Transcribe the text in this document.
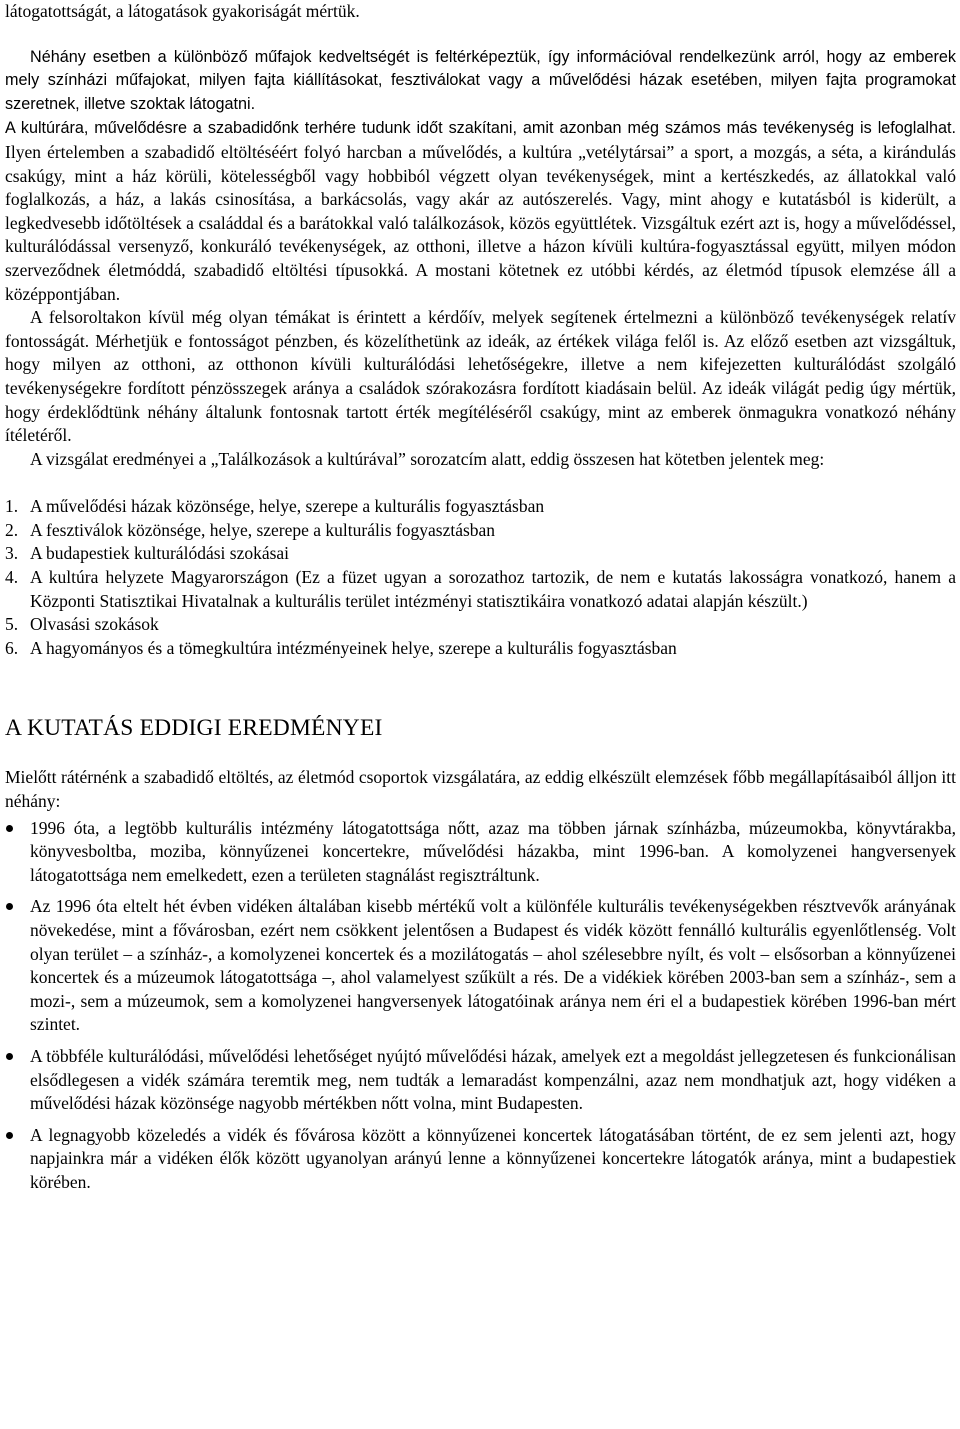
látogatottságát, a látogatások gyakoriságát mértük.

Néhány esetben a különböző műfajok kedveltségét is feltérképeztük, így információval rendelkezünk arról, hogy az emberek mely színházi műfajokat, milyen fajta kiállításokat, fesztiválokat vagy a művelődési házak esetében, milyen fajta programokat szeretnek, illetve szoktak látogatni.

A kultúrára, művelődésre a szabadidőnk terhére tudunk időt szakítani, amit azonban még számos más tevékenység is lefoglalhat. Ilyen értelemben a szabadidő eltöltéséért folyó harcban a művelődés, a kultúra „vetélytársai” a sport, a mozgás, a séta, a kirándulás csakúgy, mint a ház körüli, kötelességből vagy hobbiból végzett olyan tevékenységek, mint a kertészkedés, az állatokkal való foglalkozás, a ház, a lakás csinosítása, a barkácsolás, vagy akár az autószerelés. Vagy, mint ahogy e kutatásból is kiderült, a legkedvesebb időtöltések a családdal és a barátokkal való találkozások, közös együttlétek. Vizsgáltuk ezért azt is, hogy a művelődéssel, kulturálódással versenyző, konkuráló tevékenységek, az otthoni, illetve a házon kívüli kultúra-fogyasztással együtt, milyen módon szerveződnek életmóddá, szabadidő eltöltési típusokká. A mostani kötetnek ez utóbbi kérdés, az életmód típusok elemzése áll a középpontjában.

A felsoroltakon kívül még olyan témákat is érintett a kérdőív, melyek segítenek értelmezni a különböző tevékenységek relatív fontosságát. Mérhetjük e fontosságot pénzben, és közelíthetünk az ideák, az értékek világa felől is. Az előző esetben azt vizsgáltuk, hogy milyen az otthoni, az otthonon kívüli kulturálódási lehetőségekre, illetve a nem kifejezetten kulturálódást szolgáló tevékenységekre fordított pénzösszegek aránya a családok szórakozásra fordított kiadásain belül. Az ideák világát pedig úgy mértük, hogy érdeklődtünk néhány általunk fontosnak tartott érték megítéléséről csakúgy, mint az emberek önmagukra vonatkozó néhány ítéletéről.

A vizsgálat eredményei a „Találkozások a kultúrával” sorozatcím alatt, eddig összesen hat kötetben jelentek meg:

1. A művelődési házak közönsége, helye, szerepe a kulturális fogyasztásban
2. A fesztiválok közönsége, helye, szerepe a kulturális fogyasztásban
3. A budapestiek kulturálódási szokásai
4. A kultúra helyzete Magyarországon (Ez a füzet ugyan a sorozathoz tartozik, de nem e kutatás lakosságra vonatkozó, hanem a Központi Statisztikai Hivatalnak a kulturális terület intézményi statisztikáira vonatkozó adatai alapján készült.)
5. Olvasási szokások
6. A hagyományos és a tömegkultúra intézményeinek helye, szerepe a kulturális fogyasztásban
A KUTATÁS EDDIGI EREDMÉNYEI

Mielőtt rátérnénk a szabadidő eltöltés, az életmód csoportok vizsgálatára, az eddig elkészült elemzések főbb megállapításaiból álljon itt néhány:

1996 óta, a legtöbb kulturális intézmény látogatottsága nőtt, azaz ma többen járnak színházba, múzeumokba, könyvtárakba, könyvesboltba, moziba, könnyűzenei koncertekre, művelődési házakba, mint 1996-ban. A komolyzenei hangversenyek látogatottsága nem emelkedett, ezen a területen stagnálást regisztráltunk.
Az 1996 óta eltelt hét évben vidéken általában kisebb mértékű volt a különféle kulturális tevékenységekben résztvevők arányának növekedése, mint a fővárosban, ezért nem csökkent jelentősen a Budapest és vidék között fennálló kulturális egyenlőtlenség. Volt olyan terület – a színház-, a komolyzenei koncertek és a mozilátogatás – ahol szélesebbre nyílt, és volt – elsősorban a könnyűzenei koncertek és a múzeumok látogatottsága –, ahol valamelyest szűkült a rés. De a vidékiek körében 2003-ban sem a színház-, sem a mozi-, sem a múzeumok, sem a komolyzenei hangversenyek látogatóinak aránya nem éri el a budapestiek körében 1996-ban mért szintet.
A többféle kulturálódási, művelődési lehetőséget nyújtó művelődési házak, amelyek ezt a megoldást jellegzetesen és funkcionálisan elsődlegesen a vidék számára teremtik meg, nem tudták a lemaradást kompenzálni, azaz nem mondhatjuk azt, hogy vidéken a művelődési házak közönsége nagyobb mértékben nőtt volna, mint Budapesten.
A legnagyobb közeledés a vidék és fővárosa között a könnyűzenei koncertek látogatásában történt, de ez sem jelenti azt, hogy napjainkra már a vidéken élők között ugyanolyan arányú lenne a könnyűzenei koncertekre látogatók aránya, mint a budapestiek körében.
